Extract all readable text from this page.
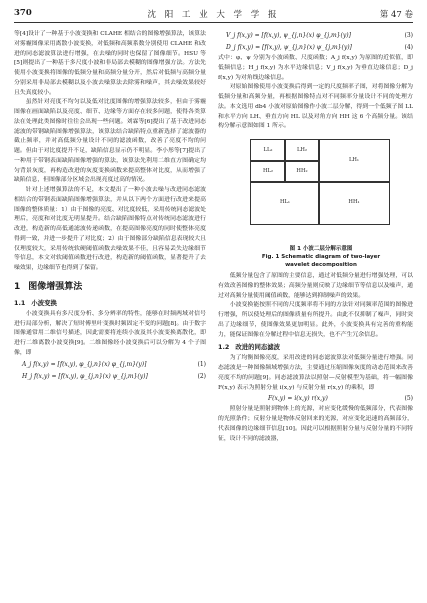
370	沈 阳 工 业 大 学 学 报	第 47 卷

等[4]设计了一种基于小波变换和 CLAHE 相结合的图像增强算法，该算法对雾霾图像采用离散小波变换，对低频和高频系数分别使用 CLAHE 和改进的同态滤波算法进行增强，在去噪的同时也保留了图像细节。HSU 等[5]则提出了一种基于多尺度小波和非局部去模糊的图像增强方法。方法先使用小波变换将图像的低频分量和高频分量分开，然后对低频与高频分量分别采用非局部去模糊以及小波去噪算法去除雾和噪声，其去噪效果较好且失真度较小。

虽然针对亮度不均匀以及低对比度图像的增强算法较多，但由于雾霾图像在画面缺陷以及亮度、细节、边缘等方面存在较多问题，使得各类算法在处理此类图像时往往会出现一些问题。刘霖等[6]提出了基于改进同态滤波的带钢缺陷图像增强算法，该算法结合缺陷特点重新选择了滤波器的截止频率，并对高低频分量设计不同的滤波函数，改善了亮度不均的问题。但由于对比度提升不足，缺陷信息显示仍不明显。李小彤等[7]提出了一种用于带钢表面缺陷图像增强的算法，该算法先利用二维直方图确定均匀背景灰度，再构造改进的灰度变换函数来提高整体对比度，从而增强了缺陷信息，但图像部分区域会出现亮度过高的情况。

针对上述增强算法的不足，本文提出了一种小波去噪与改进同态滤波相结合的带钢表面缺陷图像增强算法，并从以下两个方面进行改进来提高图像的整体质量：1）由于图像的亮度、对比度较低，采用传统同态滤波处理后，亮度和对比度无明显提升。结合缺陷图像特点对传统同态滤波进行改进，构造新的高低通滤波传递函数，在提高图像亮度的同时使整体亮度得到一致，并进一步提升了对比度；2）由于图像部分缺陷信息表现较大且仅理度较大，采用传统软硬阈值函数去噪效果不佳，且容易丢失边缘细节等信息，本文对软阈值函数进行改进，构造新的阈值函数，显著提升了去噪效果，边缘细节也得到了保留。

1 图像增强算法
1.1 小波变换

小波变换具有多尺度分析、多分辨率的特性，能够在时频两域对信号进行局部分析，解决了短时傅里叶变换时频固定不变的问题[8]。由于数字图像通常用二维信号描述，因此需要将连续小波及其小波变换离散化，即进行二维离散小波变换[9]。二维图像经小波变换后可以分解为 4 个子图像，即

A_j f(x,y) = [f(x,y), φ_{j,n}(x) φ_{j,m}(y)]	(1)
H_j f(x,y) = [f(x,y), φ_{j,n}(x) ψ_{j,m}(y)]	(2)
V_j f(x,y) = [f(x,y), ψ_{j,n}(x) φ_{j,m}(y)]	(3)
D_j f(x,y) = [f(x,y), ψ_{j,n}(x) ψ_{j,m}(y)]	(4)

式中：φ、ψ 分别为小波函数、尺度函数；A_j f(x,y) 为原图的近似值，即低频信息；H_j f(x,y) 为水平边缘信息；V_j f(x,y) 为垂直边缘信息；D_j f(x,y) 为对角线边缘信息。

对原始图像使用小波变换后得到一定的尺度频率子图，对将图像分解为低频分量和高频分量，再根据图像特点对不同频率分量设计不同的处理方法。本文选用 db4 小波对原始图像作小波二层分解，得到一个低频子图 LL 和水平方向 LH、垂直方向 HL 以及对角方向 HH 这 6 个高频分量。该结构分解示意图如图 1 所示。

LL₂	LH₂
HL₂	HH₂
LH₁
HL₁	HH₁

图 1 小波二层分解示意图

Fig. 1 Schematic diagram of two-layer

wavelet decomposition

低频分量包含了原图的主要信息，通过对低频分量进行增强处理，可以有效改善图像的整体效果；高频分量则反映了边缘细节等信息以及噪声，通过对高频分量使用阈值函数，能够达到抑制噪声的效果。

小波变换能按照不同的尺度频率将不同的方法针对同频率范围的图像进行增强，所以使处理后的图像质量有所提升。由此不仅抑制了噪声，同时突出了边缘细节，使图像效果更加明显。此外，小波变换具有完善的重构能力，能保证图像在分解过程中信息无损失，也不产生冗余信息。

1.2 改进的同态滤波

为了均衡图像亮度，采用改进的同态滤波算法对低频分量进行增强。同态滤波是一种图像频域增强方法，主要通过压缩图像灰度的动态范围来改善亮度不均的问题[9]。同态滤波算法以照射—反射模型为基础，将一幅图像 F(x,y) 表示为照射分量 i(x,y) 与反射分量 r(x,y) 的乘积，即

F(x,y) = i(x,y) r(x,y)	(5)

照射分量是照射到物体上的光源，对应变化缓慢的低频部分，代表图像的光照条件；反射分量是物体反射回来的光源，对应变化迅速的高频部分，代表图像的边缘细节信息[10]。因此可以根据照射分量与反射分量的不同特征，设计不同的滤波器，
